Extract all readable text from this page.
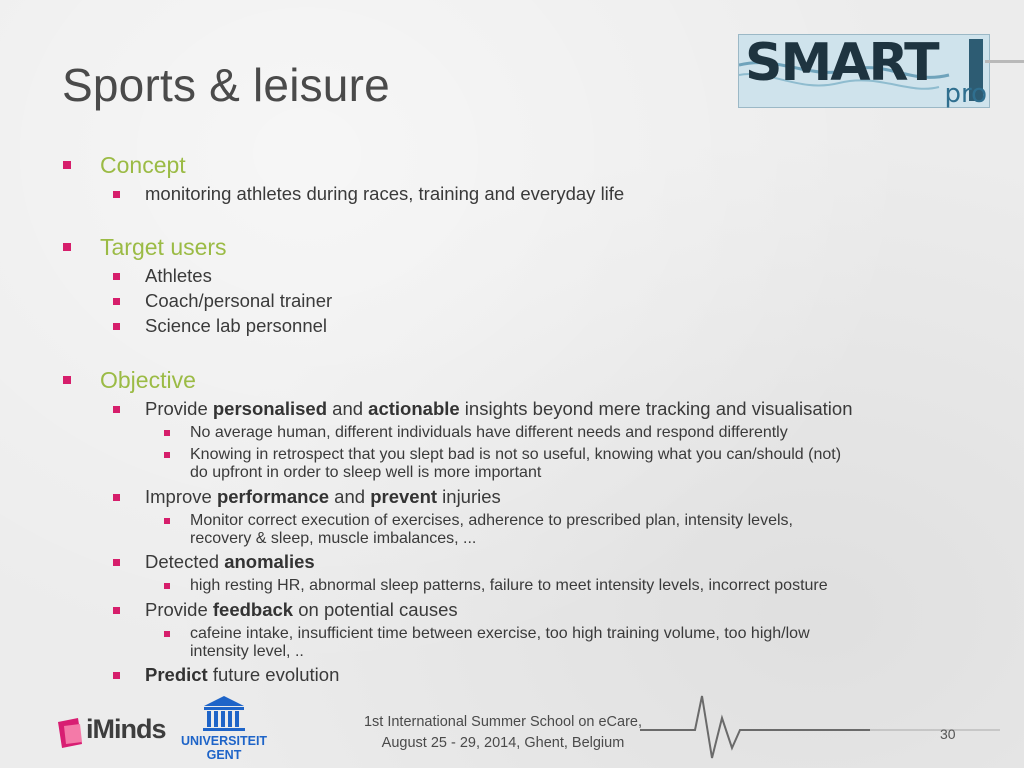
Sports & leisure	SMART
pro
Concept
monitoring athletes during races, training and everyday life
Target users
Athletes
Coach/personal trainer
Science lab personnel
Objective
Provide personalised and actionable insights beyond mere tracking and visualisation
No average human, different individuals have different needs and respond differently
Knowing in retrospect that you slept bad is not so useful, knowing what you can/should (not)
do upfront in order to sleep well is more important
Improve performance and prevent injuries
Monitor correct execution of exercises, adherence to prescribed plan, intensity levels,
recovery & sleep, muscle imbalances, ...
Detected anomalies
high resting HR, abnormal sleep patterns, failure to meet intensity levels, incorrect posture
Provide feedback on potential causes
cafeine intake, insufficient time between exercise, too high training volume, too high/low
intensity level, ..
Predict future evolution
iMinds	UNIVERSITEIT
GENT
1st International Summer School on eCare,
August 25 - 29, 2014, Ghent, Belgium
30
